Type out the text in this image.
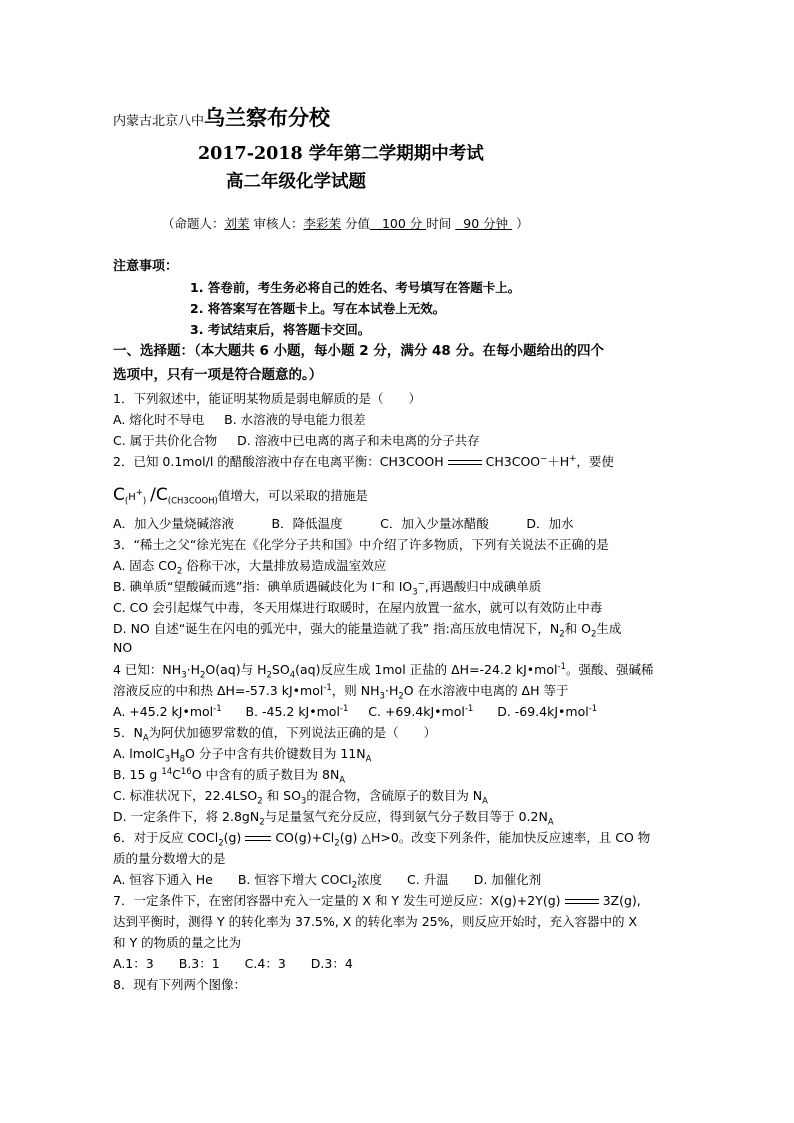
内蒙古北京八中乌兰察布分校
2017-2018 学年第二学期期中考试
高二年级化学试题
（命题人：刘茉 审核人：李彩茉 分值 100 分 时间 90 分钟 ）
注意事项：
1. 答卷前，考生务必将自己的姓名、考号填写在答题卡上。
2. 将答案写在答题卡上。写在本试卷上无效。
3. 考试结束后，将答题卡交回。
一、选择题：（本大题共 6 小题，每小题 2 分，满分 48 分。在每小题给出的四个
选项中，只有一项是符合题意的。）
1．下列叙述中，能证明某物质是弱电解质的是（　　）
A. 熔化时不导电 B. 水溶液的导电能力很差
C. 属于共价化合物 D. 溶液中已电离的离子和未电离的分子共存
2．已知 0.1mol/l 的醋酸溶液中存在电离平衡：CH3COOH	CH3COO−＋H+，要使
$C_(H^+_)$ $/C_{(CH3COOH)}$值增大，可以采取的措施是
A．加入少量烧碱溶液　　　B．降低温度　　　C．加入少量冰醋酸　　　D．加水
3．“稀土之父“徐光宪在《化学分子共和国》中介绍了许多物质，下列有关说法不正确的是
A. 固态 $CO_2$ 俗称干冰，大量排放易造成温室效应
B. 碘单质“望酸碱而逃”指：碘单质遇碱歧化为 I−和 $IO_3^-$,再遇酸归中成碘单质
C. CO 会引起煤气中毒，冬天用煤进行取暖时，在屋内放置一盆水，就可以有效防止中毒
D. NO 自述“诞生在闪电的弧光中，强大的能量造就了我” 指:高压放电情况下，$N_2$和 $O_2$生成
NO
4 已知：$NH_3\cdot H_2O(aq)$与 $H_2SO_4(aq)$反应生成 1mol 正盐的 ΔH=-24.2 kJ•mol$^{-1}$。强酸、强碱稀
溶液反应的中和热 ΔH=-57.3 kJ•mol$^{-1}$，则 $NH_3\cdot H_2O$ 在水溶液中电离的 ΔH 等于
A. +45.2 kJ•mol$^{-1}$ B. -45.2 kJ•mol$^{-1}$ C. +69.4kJ•mol$^{-1}$ D. -69.4kJ•mol$^{-1}$
5．$N_A$为阿伏加德罗常数的值，下列说法正确的是（　　）
A. $lmolC_3H_8O$ 分子中含有共价键数目为 $11N_A$
B. 15 g $^{14}C^{16}O$ 中含有的质子数目为 $8N_A$
C. 标准状况下，$22.4LSO_2$ 和 $SO_3$的混合物，含硫原子的数目为 $N_A$
D. 一定条件下，将 $2.8gN_2$与足量氢气充分反应，得到氨气分子数目等于 $0.2N_A$
6．对于反应 COCl$_2$(g)	$CO(g)+Cl_2(g)$ △H>0。改变下列条件，能加快反应速率，且 CO 物
质的量分数增大的是
A. 恒容下通入 He　　B. 恒容下增大 COCl$_2$浓度　　C. 升温　　D. 加催化剂
7．一定条件下，在密闭容器中充入一定量的 X 和 Y 发生可逆反应：X(g)+2Y(g)	3Z(g),
达到平衡时，测得 Y 的转化率为 37.5%, X 的转化率为 25%，则反应开始时，充入容器中的 X
和 Y 的物质的量之比为
A.1：3　　B.3：1　　C.4：3　　D.3：4
8．现有下列两个图像：
